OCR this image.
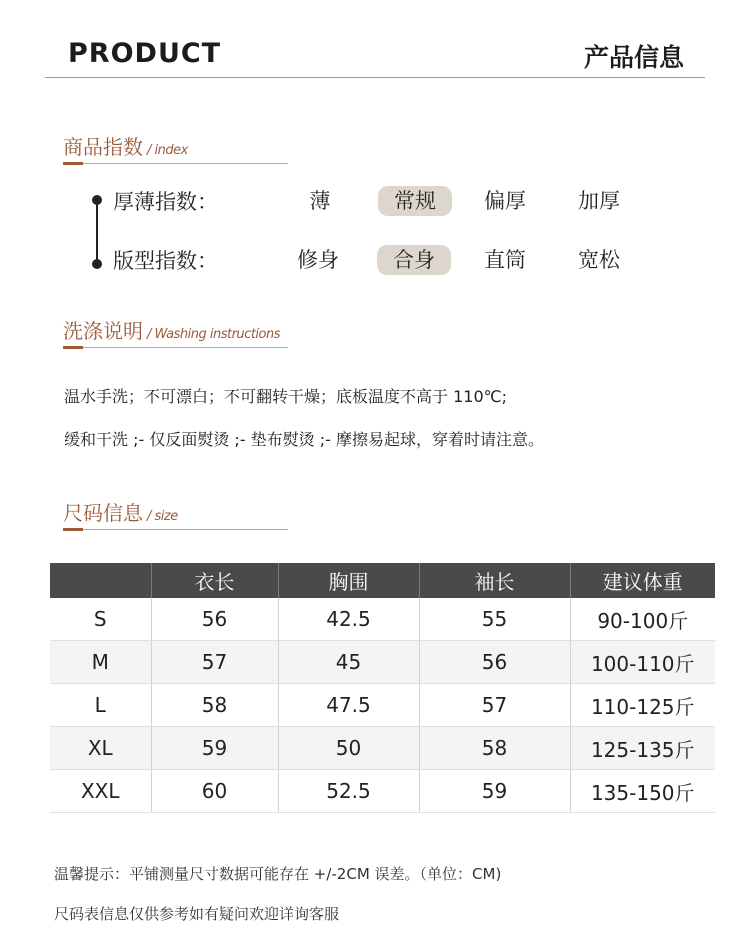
PRODUCT	产品信息
商品指数 / index
厚薄指数：	薄	常规	偏厚	加厚
版型指数：	修身	合身	直筒	宽松
洗涤说明 / Washing instructions
温水手洗；不可漂白；不可翻转干燥；底板温度不高于 110℃;
缓和干洗 ;- 仅反面熨烫 ;- 垫布熨烫 ;- 摩擦易起球，穿着时请注意。
尺码信息 / size
	衣长	胸围	袖长	建议体重
S	56	42.5	55	90-100斤
M	57	45	56	100-110斤
L	58	47.5	57	110-125斤
XL	59	50	58	125-135斤
XXL	60	52.5	59	135-150斤
温馨提示：平铺测量尺寸数据可能存在 +/-2CM 误差。（单位：CM)
尺码表信息仅供参考如有疑问欢迎详询客服
